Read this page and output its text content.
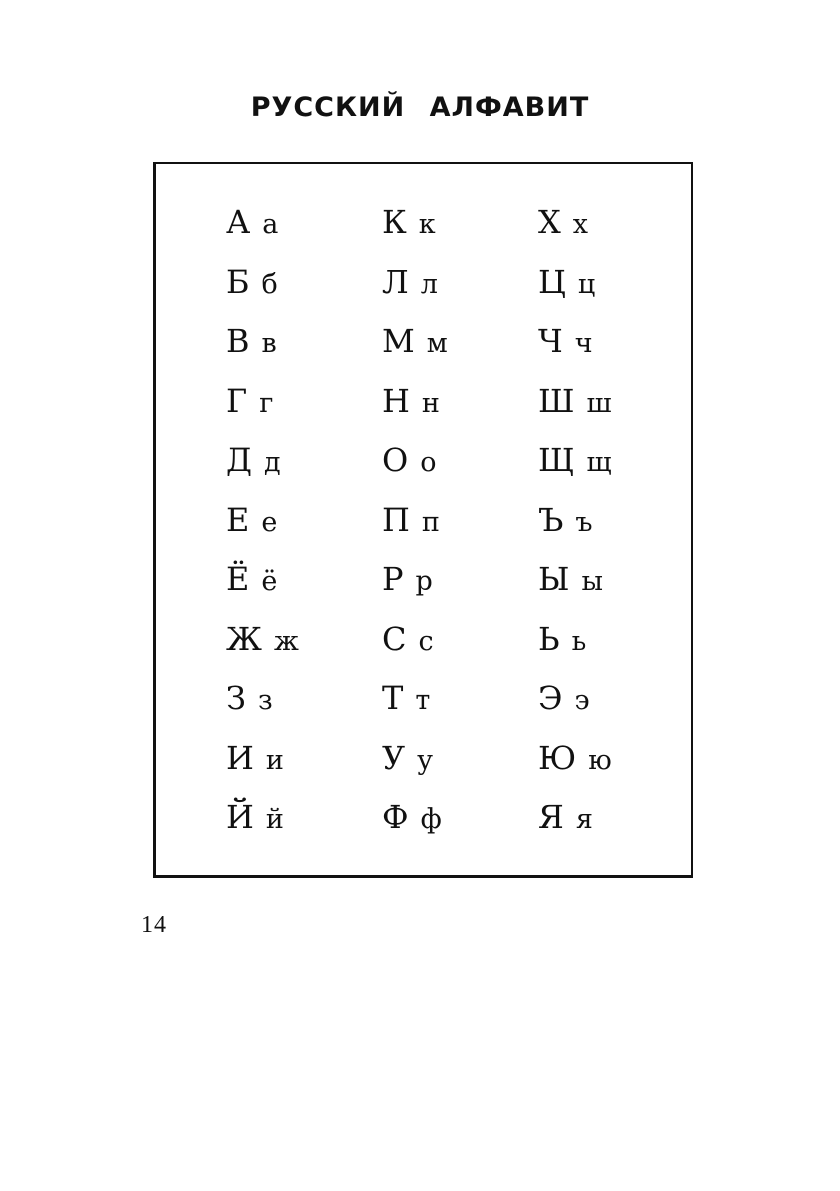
РУССКИЙ АЛФАВИТ
А а	К к	Х х
Б б	Л л	Ц ц
В в	М м	Ч ч
Г г	Н н	Ш ш
Д д	О о	Щ щ
Е е	П п	Ъ ъ
Ё ё	Р р	Ы ы
Ж ж	С с	Ь ь
З з	Т т	Э э
И и	У у	Ю ю
Й й	Ф ф	Я я
14
